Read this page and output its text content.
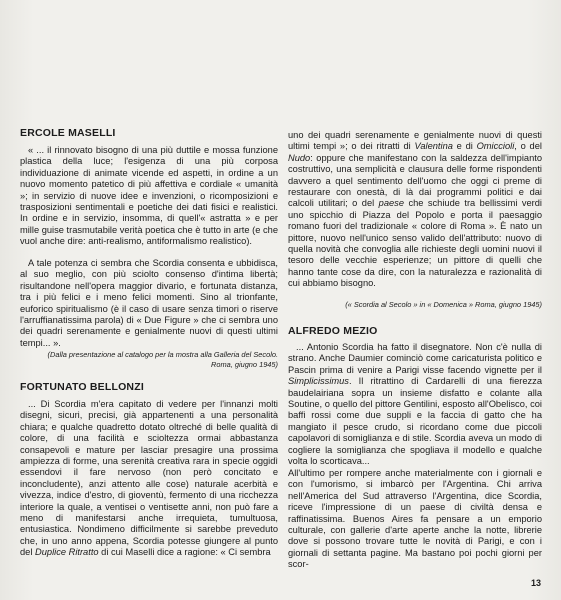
ERCOLE MASELLI

« ... il rinnovato bisogno di una più duttile e mossa funzione plastica della luce; l'esigenza di una più corposa individuazione di animate vicende ed aspetti, in ordine a un nuovo momento patetico di più affettiva e cordiale « umanità »; in servizio di nuove idee e invenzioni, o ricomposizioni e trasposizioni sentimentali e poetiche dei dati fisici e realistici. In ordine e in servizio, insomma, di quell'« astratta » e per mille guise trasmutabile verità poetica che è tutto in arte (e che vuol anche dire: anti-realismo, antiformalismo realistico).

A tale potenza ci sembra che Scordia consenta e ubbidisca, al suo meglio, con più sciolto consenso d'intima libertà; risultandone nell'opera maggior divario, e fortunata distanza, tra i più felici e i meno felici momenti. Sino al trionfante, euforico spiritualismo (è il caso di usare senza timori o riserve l'arruffianatissima parola) di « Due Figure » che ci sembra uno dei quadri serenamente e genialmente nuovi di questi ultimi tempi... ».

(Dalla presentazione al catalogo per la mostra alla Galleria del Secolo. Roma, giugno 1945)

FORTUNATO BELLONZI

... Di Scordia m'era capitato di vedere per l'innanzi molti disegni, sicuri, precisi, già appartenenti a una personalità chiara; e qualche quadretto dotato oltreché di belle qualità di colore, di una facilità e scioltezza ormai abbastanza consapevoli e mature per lasciar presagire una prossima ampiezza di forme, una serenità creativa rara in specie oggidì essendovi il fare nervoso (non però concitato e inconcludente), anzi attento alle cose) naturale acerbità e vivezza, indice d'estro, di gioventù, fermento di una ricchezza interiore la quale, a ventisei o ventisette anni, non può fare a meno di manifestarsi anche irrequieta, tumultuosa, entusiastica. Nondimeno difficilmente si sarebbe preveduto che, in uno anno appena, Scordia potesse giungere al punto del Duplice Ritratto di cui Maselli dice a ragione: « Ci sembra

uno dei quadri serenamente e genialmente nuovi di questi ultimi tempi »; o dei ritratti di Valentina e di Omiccioli, o del Nudo: oppure che manifestano con la saldezza dell'impianto costruttivo, una semplicità e clausura delle forme rispondenti davvero a quel sentimento dell'uomo che oggi ci preme di restaurare con onestà, di là dai programmi politici e dai calcoli utilitari; o del paese che schiude tra bellissimi verdi uno spicchio di Piazza del Popolo e porta il paesaggio romano fuori del tradizionale « colore di Roma ». È nato un pittore, nuovo nell'unico senso valido dell'attributo: nuovo di quella novità che convoglia alle richieste degli uomini nuovi il tesoro delle vecchie esperienze; un pittore di quelli che hanno tante cose da dire, con la naturalezza e razionalità di cui abbiamo bisogno.

(« Scordia al Secolo » in « Domenica » Roma, giugno 1945)

ALFREDO MEZIO

... Antonio Scordia ha fatto il disegnatore. Non c'è nulla di strano. Anche Daumier cominciò come caricaturista politico e Pascin prima di venire a Parigi visse facendo vignette per il Simplicissimus. Il ritrattino di Cardarelli di una fierezza baudelairiana sopra un insieme disfatto e colante alla Soutine, o quello del pittore Gentilini, esposto all'Obelisco, coi baffi rossi come due suppli e la faccia di gatto che ha mangiato il pesce crudo, si ricordano come due piccoli capolavori di somiglianza e di stile. Scordia aveva un modo di cogliere la somiglianza che spogliava il modello e qualche volta lo scorticava...

All'ultimo per rompere anche materialmente con i giornali e con l'umorismo, si imbarcò per l'Argentina. Chi arriva nell'America del Sud attraverso l'Argentina, dice Scordia, riceve l'impressione di un paese di civiltà densa e raffinatissima. Buenos Aires fa pensare a un emporio culturale, con gallerie d'arte aperte anche la notte, librerie dove si possono trovare tutte le novità di Parigi, e con i giornali di settanta pagine. Ma bastano poi pochi giorni per scor-

13
